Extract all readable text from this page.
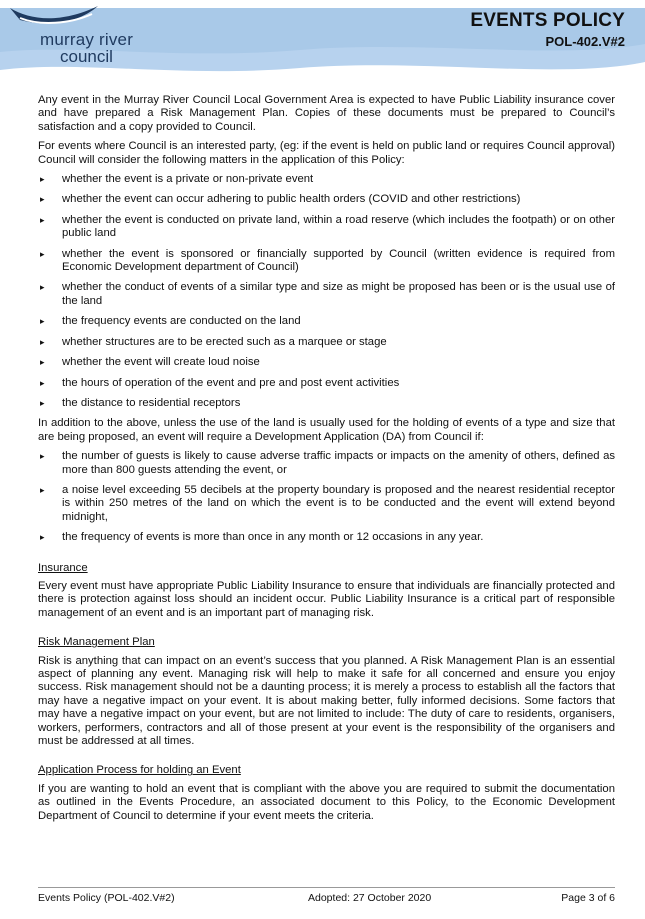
murray river
council
EVENTS POLICY
POL-402.V#2

Any event in the Murray River Council Local Government Area is expected to have Public Liability insurance cover and have prepared a Risk Management Plan. Copies of these documents must be prepared to Council’s satisfaction and a copy provided to Council.

For events where Council is an interested party, (eg: if the event is held on public land or requires Council approval) Council will consider the following matters in the application of this Policy:

▸ whether the event is a private or non-private event
▸ whether the event can occur adhering to public health orders (COVID and other restrictions)
▸ whether the event is conducted on private land, within a road reserve (which includes the footpath) or on other public land
▸ whether the event is sponsored or financially supported by Council (written evidence is required from Economic Development department of Council)
▸ whether the conduct of events of a similar type and size as might be proposed has been or is the usual use of the land
▸ the frequency events are conducted on the land
▸ whether structures are to be erected such as a marquee or stage
▸ whether the event will create loud noise
▸ the hours of operation of the event and pre and post event activities
▸ the distance to residential receptors

In addition to the above, unless the use of the land is usually used for the holding of events of a type and size that are being proposed, an event will require a Development Application (DA) from Council if:

▸ the number of guests is likely to cause adverse traffic impacts or impacts on the amenity of others, defined as more than 800 guests attending the event, or
▸ a noise level exceeding 55 decibels at the property boundary is proposed and the nearest residential receptor is within 250 metres of the land on which the event is to be conducted and the event will extend beyond midnight,
▸ the frequency of events is more than once in any month or 12 occasions in any year.

Insurance

Every event must have appropriate Public Liability Insurance to ensure that individuals are financially protected and there is protection against loss should an incident occur. Public Liability Insurance is a critical part of responsible management of an event and is an important part of managing risk.

Risk Management Plan

Risk is anything that can impact on an event’s success that you planned. A Risk Management Plan is an essential aspect of planning any event. Managing risk will help to make it safe for all concerned and ensure you enjoy success. Risk management should not be a daunting process; it is merely a process to establish all the factors that may have a negative impact on your event. It is about making better, fully informed decisions. Some factors that may have a negative impact on your event, but are not limited to include: The duty of care to residents, organisers, workers, performers, contractors and all of those present at your event is the responsibility of the organisers and must be addressed at all times.

Application Process for holding an Event

If you are wanting to hold an event that is compliant with the above you are required to submit the documentation as outlined in the Events Procedure, an associated document to this Policy, to the Economic Development Department of Council to determine if your event meets the criteria.

Events Policy (POL-402.V#2)	Adopted: 27 October 2020	Page 3 of 6
